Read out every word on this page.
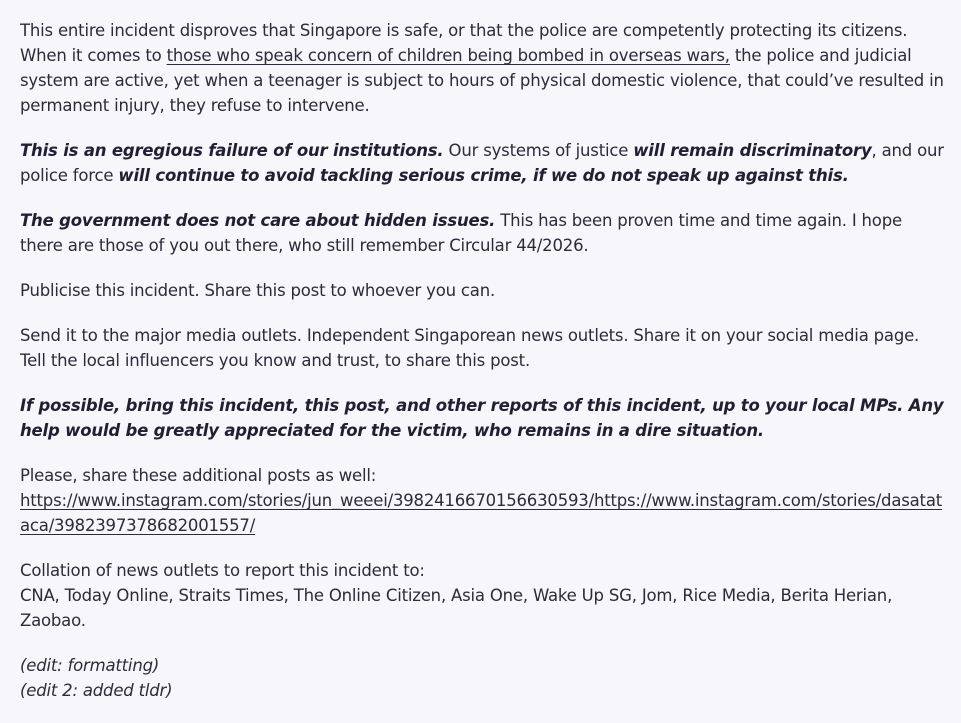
This entire incident disproves that Singapore is safe, or that the police are competently protecting its citizens. When it comes to those who speak concern of children being bombed in overseas wars, the police and judicial system are active, yet when a teenager is subject to hours of physical domestic violence, that could’ve resulted in permanent injury, they refuse to intervene.

This is an egregious failure of our institutions. Our systems of justice will remain discriminatory, and our police force will continue to avoid tackling serious crime, if we do not speak up against this.

The government does not care about hidden issues. This has been proven time and time again. I hope there are those of you out there, who still remember Circular 44/2026.

Publicise this incident. Share this post to whoever you can.

Send it to the major media outlets. Independent Singaporean news outlets. Share it on your social media page. Tell the local influencers you know and trust, to share this post.

If possible, bring this incident, this post, and other reports of this incident, up to your local MPs. Any help would be greatly appreciated for the victim, who remains in a dire situation.

Please, share these additional posts as well:
https://www.instagram.com/stories/jun_weeei/3982416670156630593/https://www.instagram.com/stories/dasatataca/3982397378682001557/

Collation of news outlets to report this incident to:
CNA, Today Online, Straits Times, The Online Citizen, Asia One, Wake Up SG, Jom, Rice Media, Berita Herian, Zaobao.

(edit: formatting)
(edit 2: added tldr)
